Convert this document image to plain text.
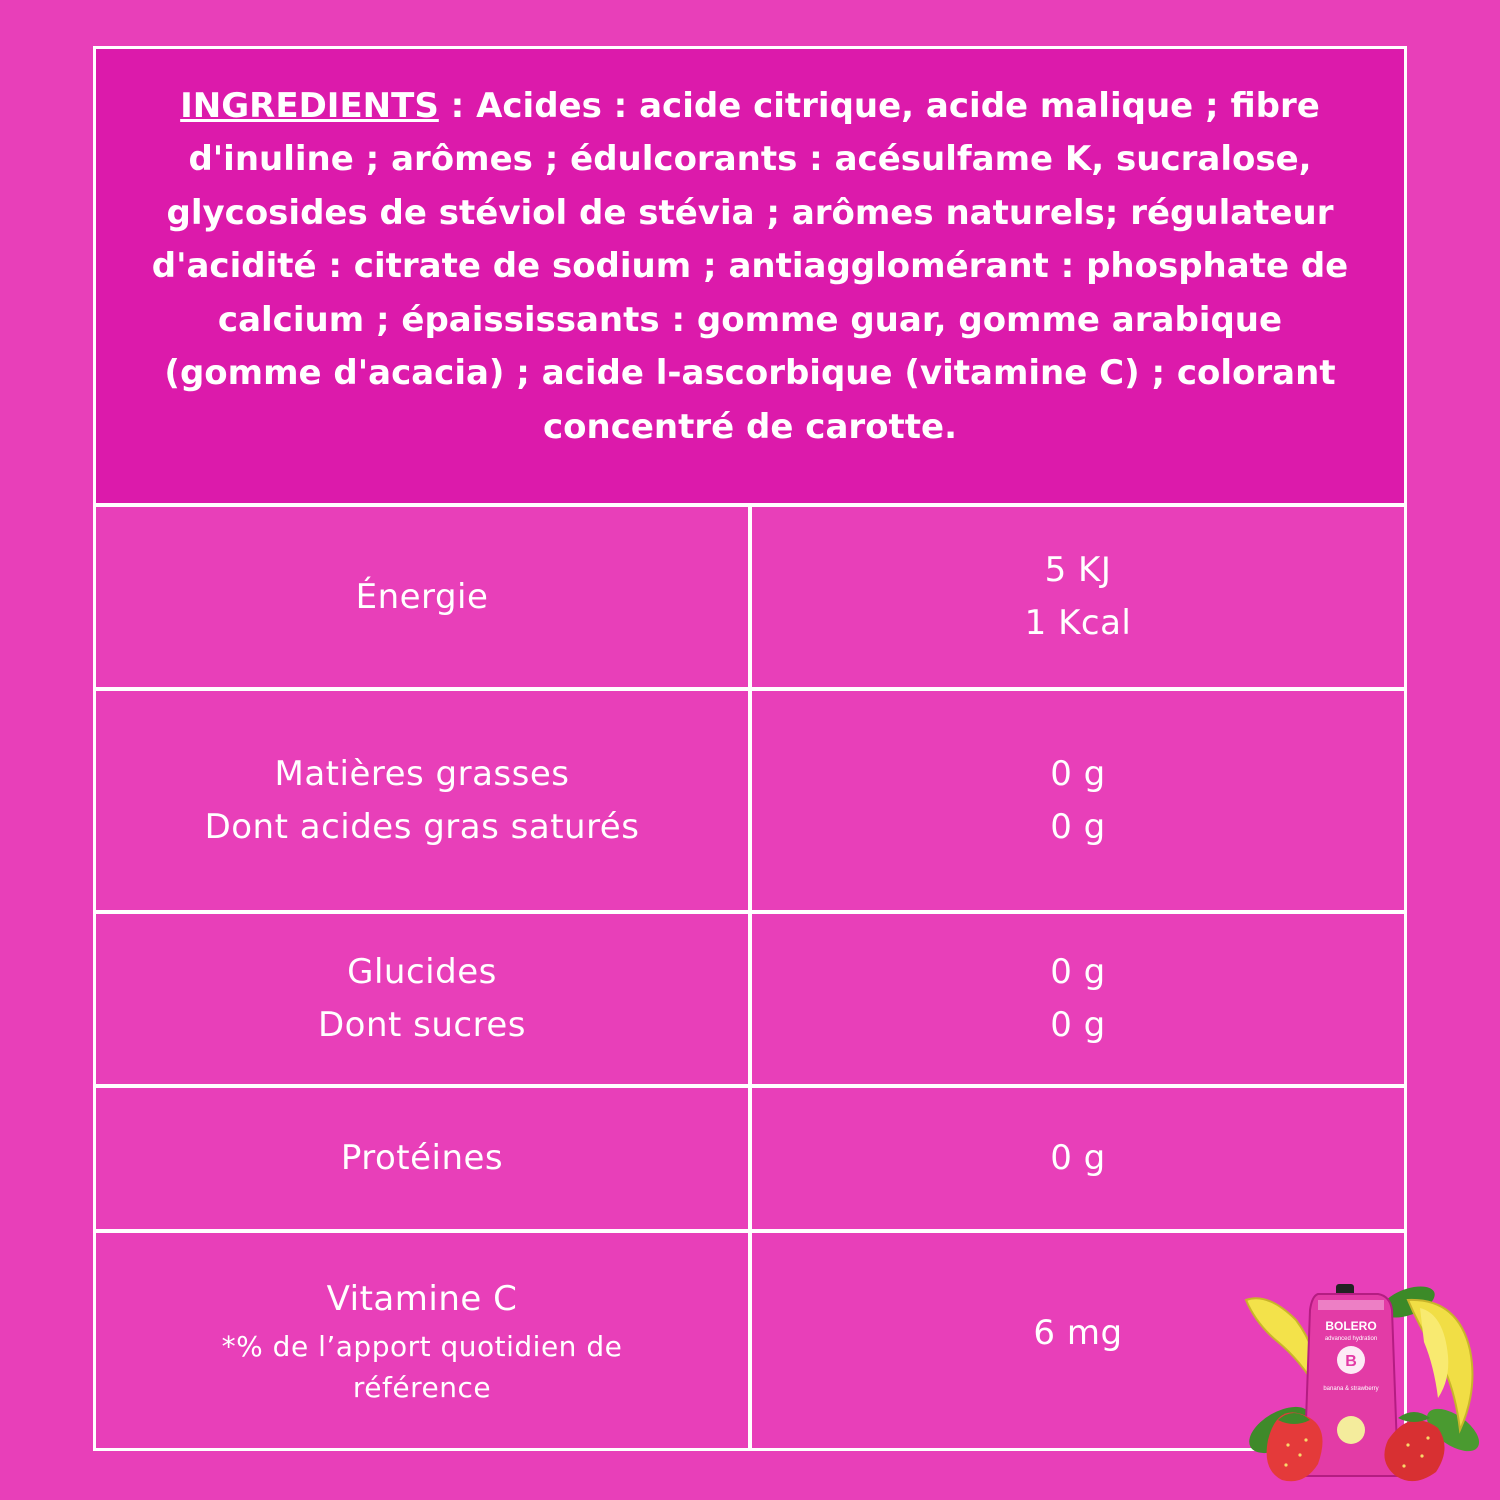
INGREDIENTS : Acides : acide citrique, acide malique ; fibre d'inuline ; arômes ; édulcorants : acésulfame K, sucralose, glycosides de stéviol de stévia ; arômes naturels; régulateur d'acidité : citrate de sodium ; antiagglomérant : phosphate de calcium ; épaississants : gomme guar, gomme arabique (gomme d'acacia) ; acide l-ascorbique (vitamine C) ; colorant concentré de carotte.

Énergie
5 KJ
1 Kcal
Matières grasses
Dont acides gras saturés
0 g
0 g
Glucides
Dont sucres
0 g
0 g
Protéines	0 g
Vitamine C
*% de l’apport quotidien de référence
6 mg	BOLERO
advanced hydration
B
banana & strawberry
